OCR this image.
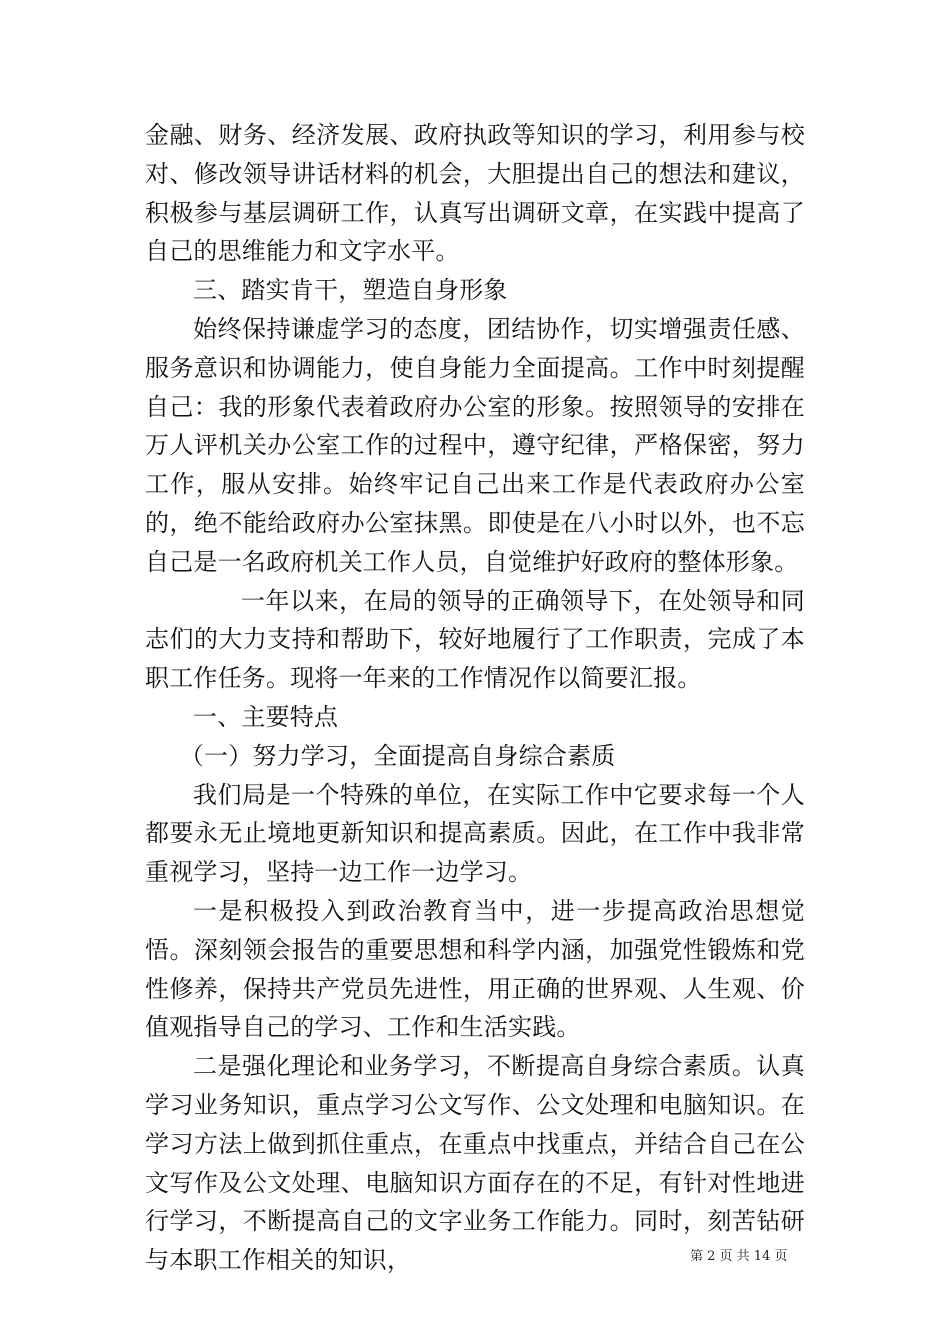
金融、财务、经济发展、政府执政等知识的学习，利用参与校对、修改领导讲话材料的机会，大胆提出自己的想法和建议，积极参与基层调研工作，认真写出调研文章，在实践中提高了自己的思维能力和文字水平。

三、踏实肯干，塑造自身形象

始终保持谦虚学习的态度，团结协作，切实增强责任感、服务意识和协调能力，使自身能力全面提高。工作中时刻提醒自己：我的形象代表着政府办公室的形象。按照领导的安排在万人评机关办公室工作的过程中，遵守纪律，严格保密，努力工作，服从安排。始终牢记自己出来工作是代表政府办公室的，绝不能给政府办公室抹黑。即使是在八小时以外，也不忘自己是一名政府机关工作人员，自觉维护好政府的整体形象。

一年以来，在局的领导的正确领导下，在处领导和同志们的大力支持和帮助下，较好地履行了工作职责，完成了本职工作任务。现将一年来的工作情况作以简要汇报。

一、主要特点

（一）努力学习，全面提高自身综合素质

我们局是一个特殊的单位，在实际工作中它要求每一个人都要永无止境地更新知识和提高素质。因此，在工作中我非常重视学习，坚持一边工作一边学习。

一是积极投入到政治教育当中，进一步提高政治思想觉悟。深刻领会报告的重要思想和科学内涵，加强党性锻炼和党性修养，保持共产党员先进性，用正确的世界观、人生观、价值观指导自己的学习、工作和生活实践。

二是强化理论和业务学习，不断提高自身综合素质。认真学习业务知识，重点学习公文写作、公文处理和电脑知识。在学习方法上做到抓住重点，在重点中找重点，并结合自己在公文写作及公文处理、电脑知识方面存在的不足，有针对性地进行学习，不断提高自己的文字业务工作能力。同时，刻苦钻研与本职工作相关的知识，	第 2 页 共 14 页
